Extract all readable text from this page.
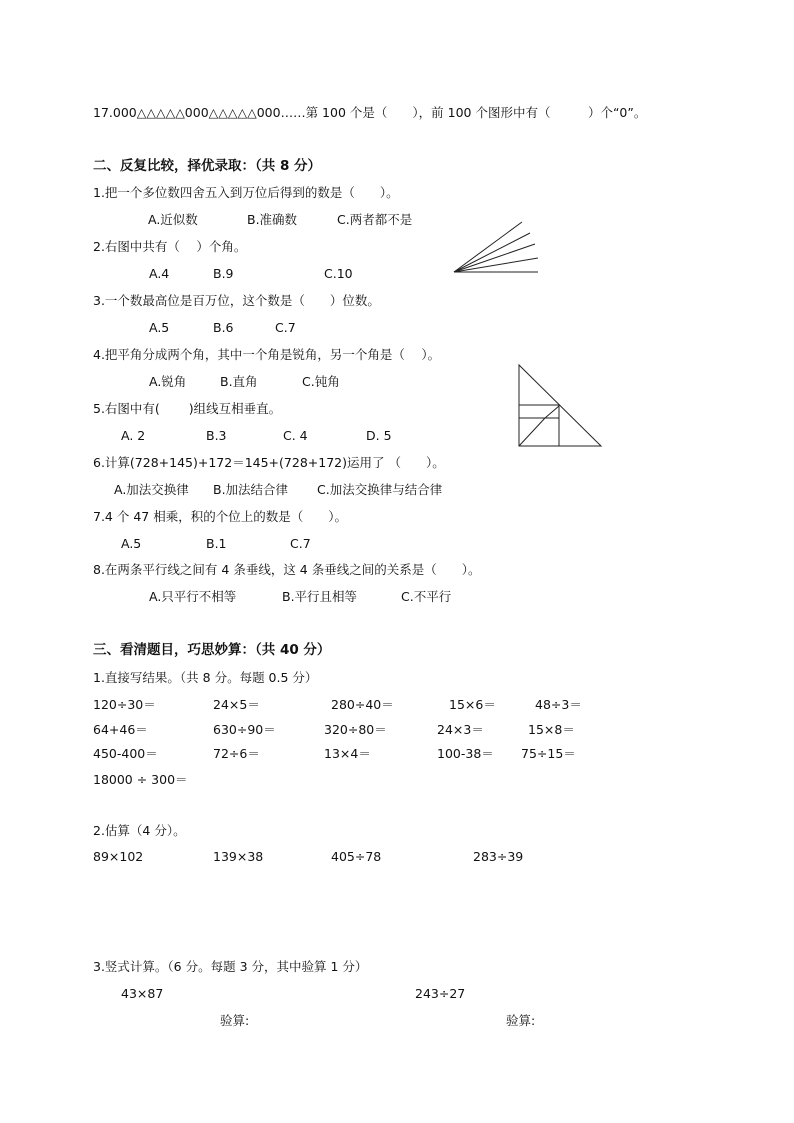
17.000△△△△△000△△△△△000……第 100 个是（　　），前 100 个图形中有（　　　）个“0”。
二、反复比较，择优录取：（共 8 分）
1.把一个多位数四舍五入到万位后得到的数是（　　）。
A.近似数	B.准确数	C.两者都不是
2.右图中共有（　 ）个角。
A.4	B.9	C.10
3.一个数最高位是百万位，这个数是（　　）位数。
A.5	B.6	C.7
4.把平角分成两个角，其中一个角是锐角，另一个角是（　 ）。
A.锐角	B.直角	C.钝角
5.右图中有(　　 )组线互相垂直。
A. 2	B.3	C. 4	D. 5
6.计算(728+145)+172＝145+(728+172)运用了 （　　）。
A.加法交换律 B.加法结合律 C.加法交换律与结合律
7.4 个 47 相乘，积的个位上的数是（　　）。
A.5	B.1	C.7
8.在两条平行线之间有 4 条垂线，这 4 条垂线之间的关系是（　　）。
A.只平行不相等	B.平行且相等	C.不平行
三、看清题目，巧思妙算：（共 40 分）
1.直接写结果。（共 8 分。每题 0.5 分）
120÷30＝	24×5＝	280÷40＝	15×6＝	48÷3＝
64+46＝	630÷90＝	320÷80＝	24×3＝	15×8＝
450-400＝	72÷6＝	13×4＝	100-38＝ 75÷15＝
18000 ÷ 300＝
2.估算（4 分）。
89×102	139×38	405÷78	283÷39
3.竖式计算。（6 分。每题 3 分，其中验算 1 分）
43×87	243÷27
验算:	验算:
